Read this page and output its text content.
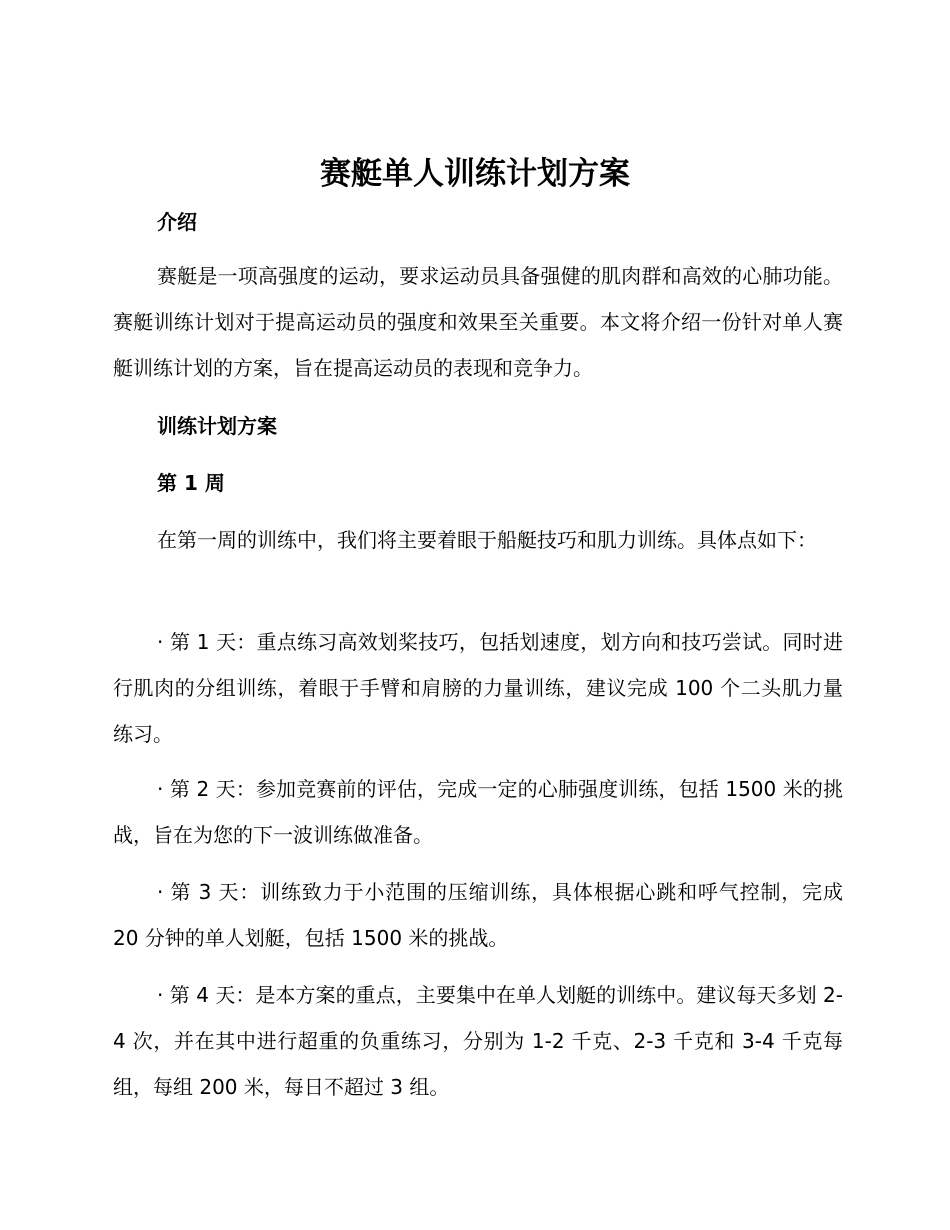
赛艇单人训练计划方案
介绍

赛艇是一项高强度的运动，要求运动员具备强健的肌肉群和高效的心肺功能。赛艇训练计划对于提高运动员的强度和效果至关重要。本文将介绍一份针对单人赛艇训练计划的方案，旨在提高运动员的表现和竞争力。

训练计划方案
第 1 周

在第一周的训练中，我们将主要着眼于船艇技巧和肌力训练。具体点如下：

· 第 1 天：重点练习高效划桨技巧，包括划速度，划方向和技巧尝试。同时进行肌肉的分组训练，着眼于手臂和肩膀的力量训练，建议完成 100 个二头肌力量练习。

· 第 2 天：参加竞赛前的评估，完成一定的心肺强度训练，包括 1500 米的挑战，旨在为您的下一波训练做准备。

· 第 3 天：训练致力于小范围的压缩训练，具体根据心跳和呼气控制，完成 20 分钟的单人划艇，包括 1500 米的挑战。

· 第 4 天：是本方案的重点，主要集中在单人划艇的训练中。建议每天多划 2-4 次，并在其中进行超重的负重练习，分别为 1-2 千克、2-3 千克和 3-4 千克每组，每组 200 米，每日不超过 3 组。
